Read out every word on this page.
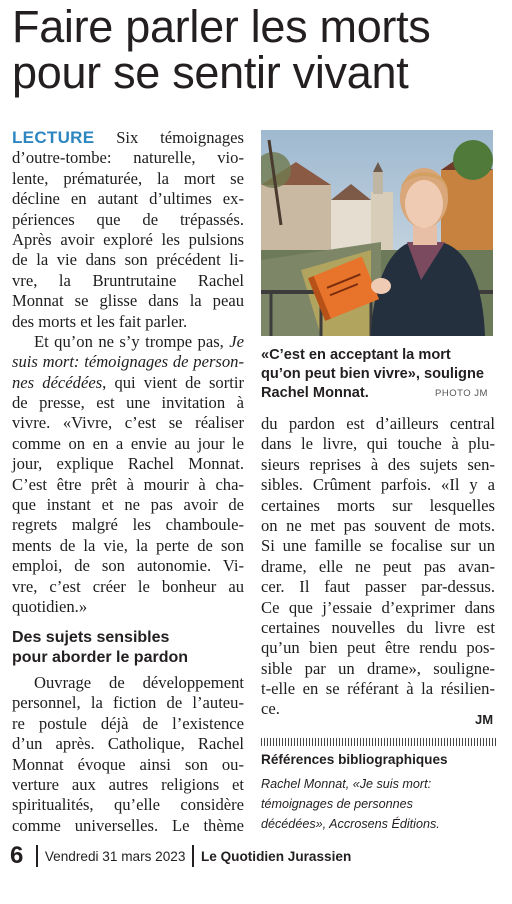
Faire parler les morts
pour se sentir vivant
LECTURE Six témoignages
d’outre-tombe: naturelle, vio-
lente, prématurée, la mort se
décline en autant d’ultimes ex-
périences que de trépassés.
Après avoir exploré les pulsions
de la vie dans son précédent li-
vre, la Bruntrutaine Rachel
Monnat se glisse dans la peau
des morts et les fait parler.
Et qu’on ne s’y trompe pas, Je
suis mort: témoignages de person-
nes décédées, qui vient de sortir
de presse, est une invitation à
vivre. «Vivre, c’est se réaliser
comme on en a envie au jour le
jour, explique Rachel Monnat.
C’est être prêt à mourir à cha-
que instant et ne pas avoir de
regrets malgré les chamboule-
ments de la vie, la perte de son
emploi, de son autonomie. Vi-
vre, c’est créer le bonheur au
quotidien.»
Des sujets sensibles
pour aborder le pardon
Ouvrage de développement
personnel, la fiction de l’auteu-
re postule déjà de l’existence
d’un après. Catholique, Rachel
Monnat évoque ainsi son ou-
verture aux autres religions et
spiritualités, qu’elle considère
comme universelles. Le thème
«C’est en acceptant la mort
qu’on peut bien vivre», souligne
Rachel Monnat.	PHOTO JM
du pardon est d’ailleurs central
dans le livre, qui touche à plu-
sieurs reprises à des sujets sen-
sibles. Crûment parfois. «Il y a
certaines morts sur lesquelles
on ne met pas souvent de mots.
Si une famille se focalise sur un
drame, elle ne peut pas avan-
cer. Il faut passer par-dessus.
Ce que j’essaie d’exprimer dans
certaines nouvelles du livre est
qu’un bien peut être rendu pos-
sible par un drame», souligne-
t-elle en se référant à la résilien-
ce.
JM
Références bibliographiques
Rachel Monnat, «Je suis mort:
témoignages de personnes
décédées», Accrosens Éditions.
6 Vendredi 31 mars 2023 Le Quotidien Jurassien
